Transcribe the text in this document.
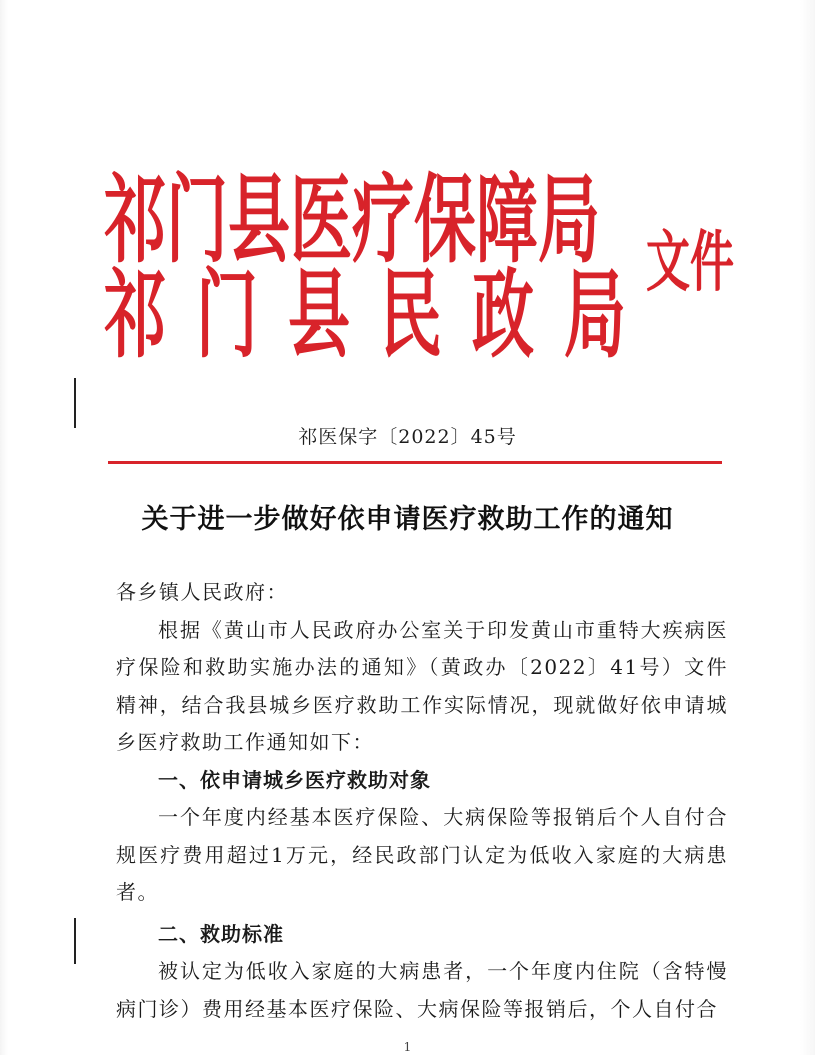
祁门县医疗保障局
祁门县民政局
文件
祁医保字〔2022〕45号
关于进一步做好依申请医疗救助工作的通知

各乡镇人民政府：

根据《黄山市人民政府办公室关于印发黄山市重特大疾病医疗保险和救助实施办法的通知》（黄政办〔2022〕41号）文件精神，结合我县城乡医疗救助工作实际情况，现就做好依申请城乡医疗救助工作通知如下：

一、依申请城乡医疗救助对象

一个年度内经基本医疗保险、大病保险等报销后个人自付合规医疗费用超过1万元，经民政部门认定为低收入家庭的大病患者。

二、救助标准

被认定为低收入家庭的大病患者，一个年度内住院（含特慢病门诊）费用经基本医疗保险、大病保险等报销后，个人自付合

1
